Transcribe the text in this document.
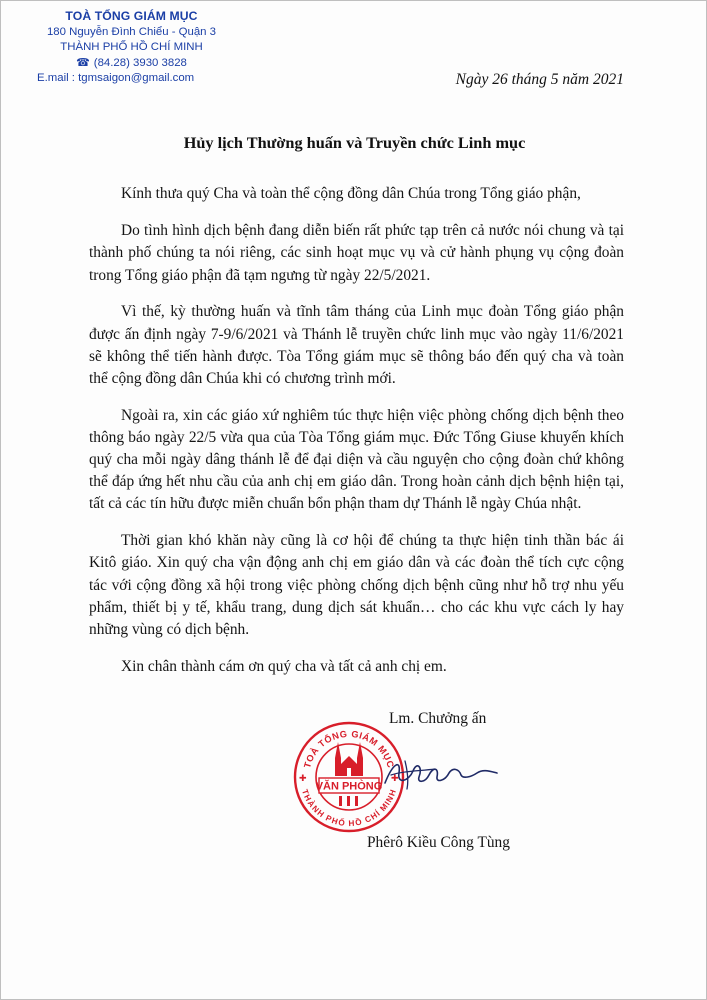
TOÀ TỔNG GIÁM MỤC
180 Nguyễn Đình Chiểu - Quận 3
THÀNH PHỐ HỒ CHÍ MINH
☎ (84.28) 3930 3828
E.mail : tgmsaigon@gmail.com	Ngày 26 tháng 5 năm 2021
Hủy lịch Thường huấn và Truyền chức Linh mục

Kính thưa quý Cha và toàn thể cộng đồng dân Chúa trong Tổng giáo phận,

Do tình hình dịch bệnh đang diễn biến rất phức tạp trên cả nước nói chung và tại thành phố chúng ta nói riêng, các sinh hoạt mục vụ và cử hành phụng vụ cộng đoàn trong Tổng giáo phận đã tạm ngưng từ ngày 22/5/2021.

Vì thế, kỳ thường huấn và tĩnh tâm tháng của Linh mục đoàn Tổng giáo phận được ấn định ngày 7-9/6/2021 và Thánh lễ truyền chức linh mục vào ngày 11/6/2021 sẽ không thể tiến hành được. Tòa Tổng giám mục sẽ thông báo đến quý cha và toàn thể cộng đồng dân Chúa khi có chương trình mới.

Ngoài ra, xin các giáo xứ nghiêm túc thực hiện việc phòng chống dịch bệnh theo thông báo ngày 22/5 vừa qua của Tòa Tổng giám mục. Đức Tổng Giuse khuyến khích quý cha mỗi ngày dâng thánh lễ để đại diện và cầu nguyện cho cộng đoàn chứ không thể đáp ứng hết nhu cầu của anh chị em giáo dân. Trong hoàn cảnh dịch bệnh hiện tại, tất cả các tín hữu được miễn chuẩn bổn phận tham dự Thánh lễ ngày Chúa nhật.

Thời gian khó khăn này cũng là cơ hội để chúng ta thực hiện tinh thần bác ái Kitô giáo. Xin quý cha vận động anh chị em giáo dân và các đoàn thể tích cực cộng tác với cộng đồng xã hội trong việc phòng chống dịch bệnh cũng như hỗ trợ nhu yếu phẩm, thiết bị y tế, khẩu trang, dung dịch sát khuẩn… cho các khu vực cách ly hay những vùng có dịch bệnh.

Xin chân thành cám ơn quý cha và tất cả anh chị em.

Lm. Chưởng ấn
TOÀ TỔNG GIÁM MỤC
THÀNH PHỐ HỒ CHÍ MINH
✚	✚
VĂN PHÒNG
Phêrô Kiều Công Tùng
